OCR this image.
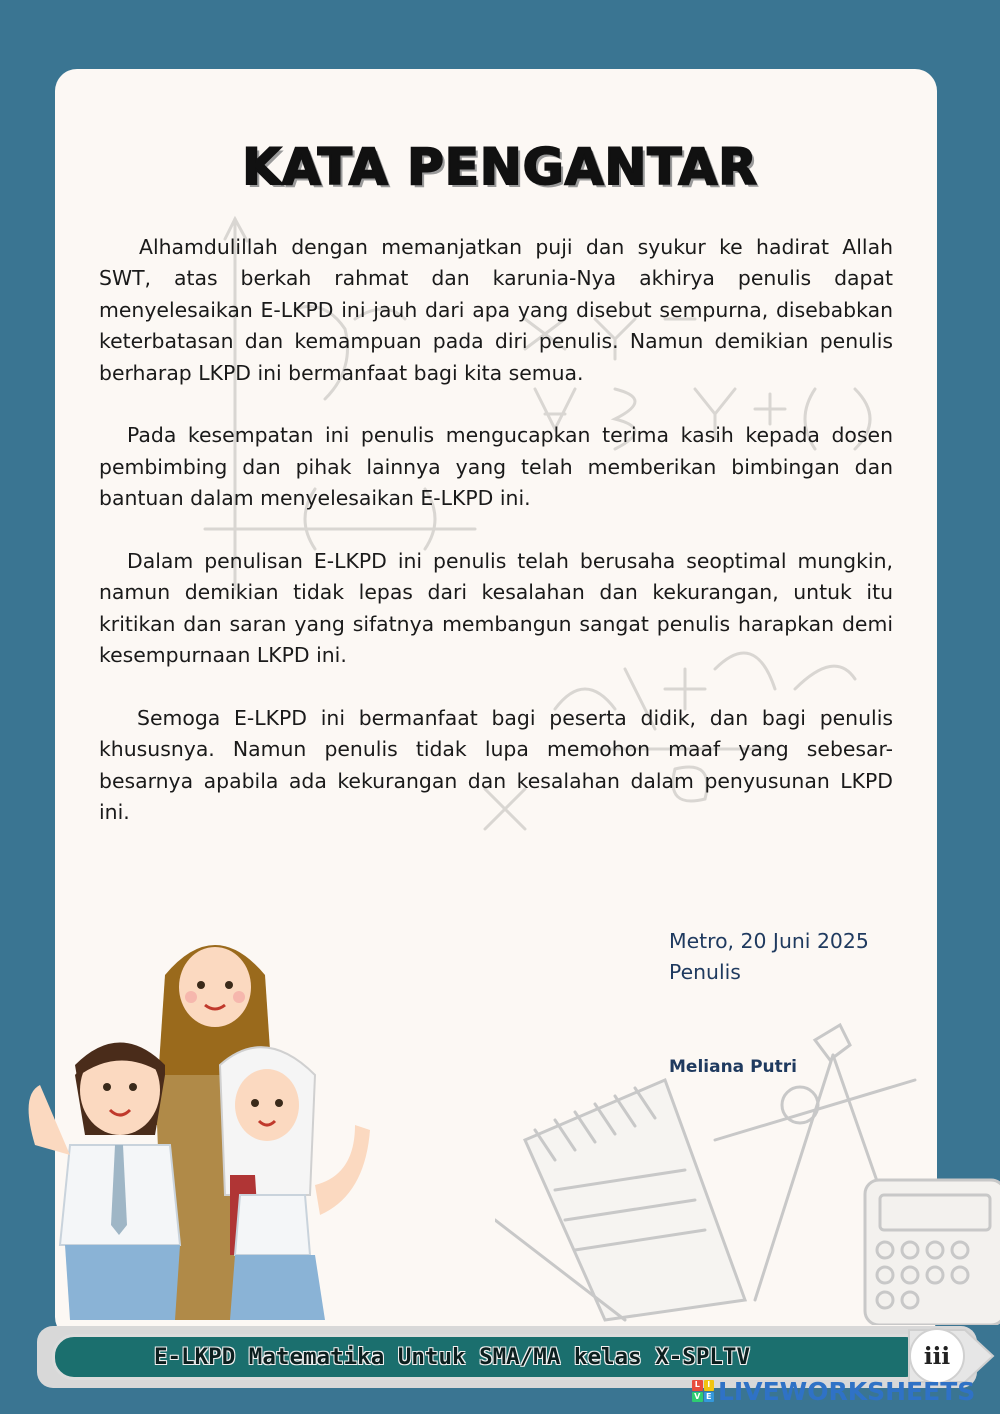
KATA PENGANTAR

Alhamdulillah dengan memanjatkan puji dan syukur ke hadirat Allah SWT, atas berkah rahmat dan karunia-Nya akhirya penulis dapat menyelesaikan E-LKPD ini jauh dari apa yang disebut sempurna, disebabkan keterbatasan dan kemampuan pada diri penulis. Namun demikian penulis berharap LKPD ini bermanfaat bagi kita semua.

Pada kesempatan ini penulis mengucapkan terima kasih kepada dosen pembimbing dan pihak lainnya yang telah memberikan bimbingan dan bantuan dalam menyelesaikan E-LKPD ini.

Dalam penulisan E-LKPD ini penulis telah berusaha seoptimal mungkin, namun demikian tidak lepas dari kesalahan dan kekurangan, untuk itu kritikan dan saran yang sifatnya membangun sangat penulis harapkan demi kesempurnaan LKPD ini.

Semoga E-LKPD ini bermanfaat bagi peserta didik, dan bagi penulis khususnya. Namun penulis tidak lupa memohon maaf yang sebesar-besarnya apabila ada kekurangan dan kesalahan dalam penyusunan LKPD ini.

Metro, 20 Juni 2025
Penulis
Meliana Putri
E-LKPD Matematika Untuk SMA/MA kelas X-SPLTV	iii
L I
V E LIVEWORKSHEETS
